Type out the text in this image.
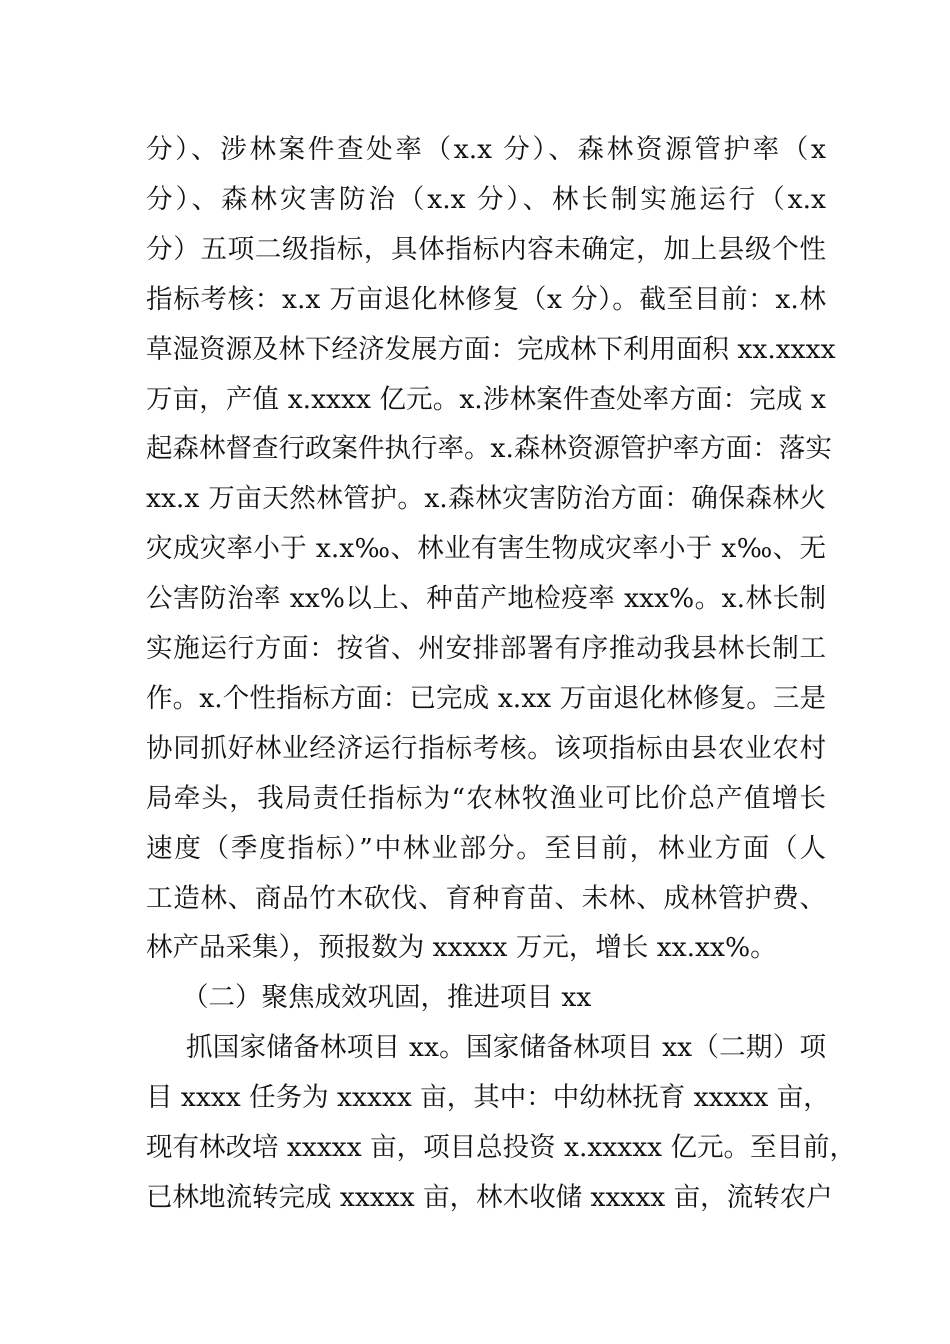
分）、涉林案件查处率（x.x 分）、森林资源管护率（x
分）、森林灾害防治（x.x 分）、林长制实施运行（x.x
分）五项二级指标，具体指标内容未确定，加上县级个性
指标考核：x.x 万亩退化林修复（x 分）。截至目前：x.林
草湿资源及林下经济发展方面：完成林下利用面积 xx.xxxx
万亩，产值 x.xxxx 亿元。x.涉林案件查处率方面：完成 x
起森林督查行政案件执行率。x.森林资源管护率方面：落实
xx.x 万亩天然林管护。x.森林灾害防治方面：确保森林火
灾成灾率小于 x.x‰、林业有害生物成灾率小于 x‰、无
公害防治率 xx%以上、种苗产地检疫率 xxx%。x.林长制
实施运行方面：按省、州安排部署有序推动我县林长制工
作。x.个性指标方面：已完成 x.xx 万亩退化林修复。三是
协同抓好林业经济运行指标考核。该项指标由县农业农村
局牵头，我局责任指标为“农林牧渔业可比价总产值增长
速度（季度指标）”中林业部分。至目前，林业方面（人
工造林、商品竹木砍伐、育种育苗、未林、成林管护费、
林产品采集），预报数为 xxxxx 万元，增长 xx.xx%。
（二）聚焦成效巩固，推进项目 xx
抓国家储备林项目 xx。国家储备林项目 xx（二期）项
目 xxxx 任务为 xxxxx 亩，其中：中幼林抚育 xxxxx 亩，
现有林改培 xxxxx 亩，项目总投资 x.xxxxx 亿元。至目前，
已林地流转完成 xxxxx 亩，林木收储 xxxxx 亩，流转农户
